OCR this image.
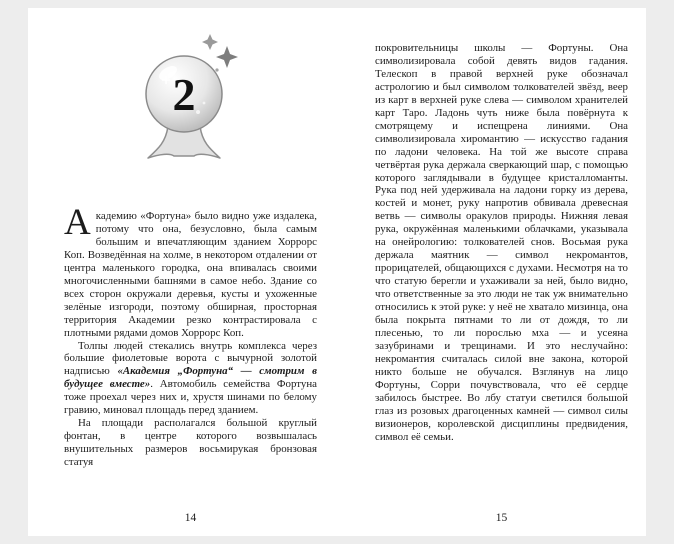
2

Академию «Фортуна» было видно уже издалека, потому что она, безусловно, была самым большим и впечатляющим зданием Хоррорс Коп. Возведённая на холме, в некотором отдалении от центра маленького городка, она впивалась своими многочисленными башнями в самое небо. Здание со всех сторон окружали деревья, кусты и ухоженные зелёные изгороди, поэтому обширная, просторная территория Академии резко контрастировала с плотными рядами домов Хоррорс Коп.

Толпы людей стекались внутрь комплекса через большие фиолетовые ворота с вычурной золотой надписью «Академия „Фортуна“ — смотрим в будущее вместе». Автомобиль семейства Фортуна тоже проехал через них и, хрустя шинами по белому гравию, миновал площадь перед зданием.

На площади располагался большой круглый фонтан, в центре которого возвышалась внушительных размеров восьмирукая бронзовая статуя

14

покровительницы школы — Фортуны. Она символизировала собой девять видов гадания. Телескоп в правой верхней руке обозначал астрологию и был символом толкователей звёзд, веер из карт в верхней руке слева — символом хранителей карт Таро. Ладонь чуть ниже была повёрнута к смотрящему и испещрена линиями. Она символизировала хиромантию — искусство гадания по ладони человека. На той же высоте справа четвёртая рука держала сверкающий шар, с помощью которого заглядывали в будущее кристалломанты. Рука под ней удерживала на ладони горку из дерева, костей и монет, руку напротив обвивала древесная ветвь — символы оракулов природы. Нижняя левая рука, окружённая маленькими облачками, указывала на онейрологию: толкователей снов. Восьмая рука держала маятник — символ некромантов, прорицателей, общающихся с духами. Несмотря на то что статую берегли и ухаживали за ней, было видно, что ответственные за это люди не так уж внимательно относились к этой руке: у неё не хватало мизинца, она была покрыта пятнами то ли от дождя, то ли плесенью, то ли порослью мха — и усеяна зазубринами и трещинами. И это неслучайно: некромантия считалась силой вне закона, которой никто больше не обучался. Взглянув на лицо Фортуны, Сорри почувствовала, что её сердце забилось быстрее. Во лбу статуи светился большой глаз из розовых драгоценных камней — символ силы визионеров, королевской дисциплины предвидения, символ её семьи.

15
